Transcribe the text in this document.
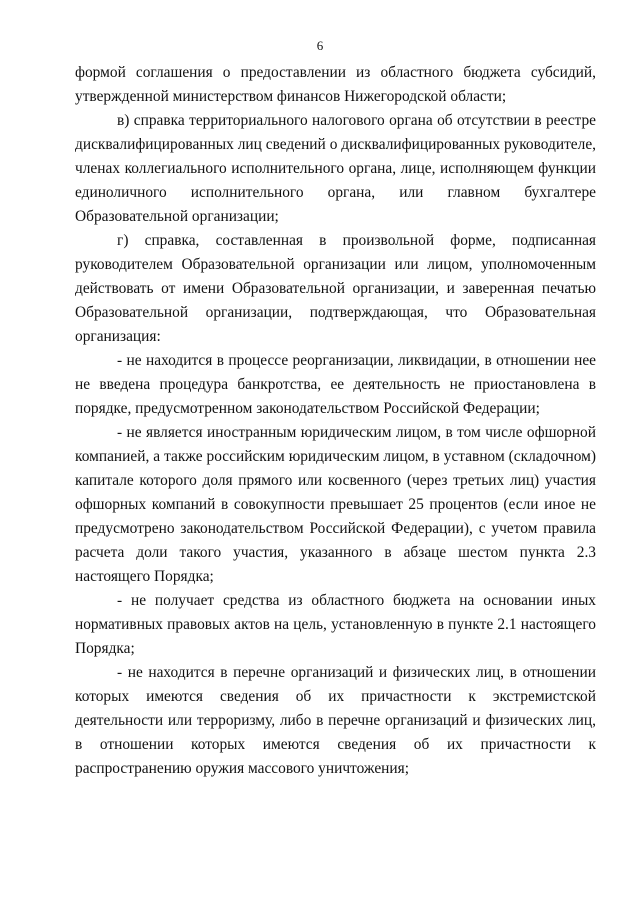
6

формой соглашения о предоставлении из областного бюджета субсидий, утвержденной министерством финансов Нижегородской области;

в) справка территориального налогового органа об отсутствии в реестре дисквалифицированных лиц сведений о дисквалифицированных руководителе, членах коллегиального исполнительного органа, лице, исполняющем функции единоличного исполнительного органа, или главном бухгалтере Образовательной организации;

г) справка, составленная в произвольной форме, подписанная руководителем Образовательной организации или лицом, уполномоченным действовать от имени Образовательной организации, и заверенная печатью Образовательной организации, подтверждающая, что Образовательная организация:

- не находится в процессе реорганизации, ликвидации, в отношении нее не введена процедура банкротства, ее деятельность не приостановлена в порядке, предусмотренном законодательством Российской Федерации;

- не является иностранным юридическим лицом, в том числе офшорной компанией, а также российским юридическим лицом, в уставном (складочном) капитале которого доля прямого или косвенного (через третьих лиц) участия офшорных компаний в совокупности превышает 25 процентов (если иное не предусмотрено законодательством Российской Федерации), с учетом правила расчета доли такого участия, указанного в абзаце шестом пункта 2.3 настоящего Порядка;

- не получает средства из областного бюджета на основании иных нормативных правовых актов на цель, установленную в пункте 2.1 настоящего Порядка;

- не находится в перечне организаций и физических лиц, в отношении которых имеются сведения об их причастности к экстремистской деятельности или терроризму, либо в перечне организаций и физических лиц, в отношении которых имеются сведения об их причастности к распространению оружия массового уничтожения;
